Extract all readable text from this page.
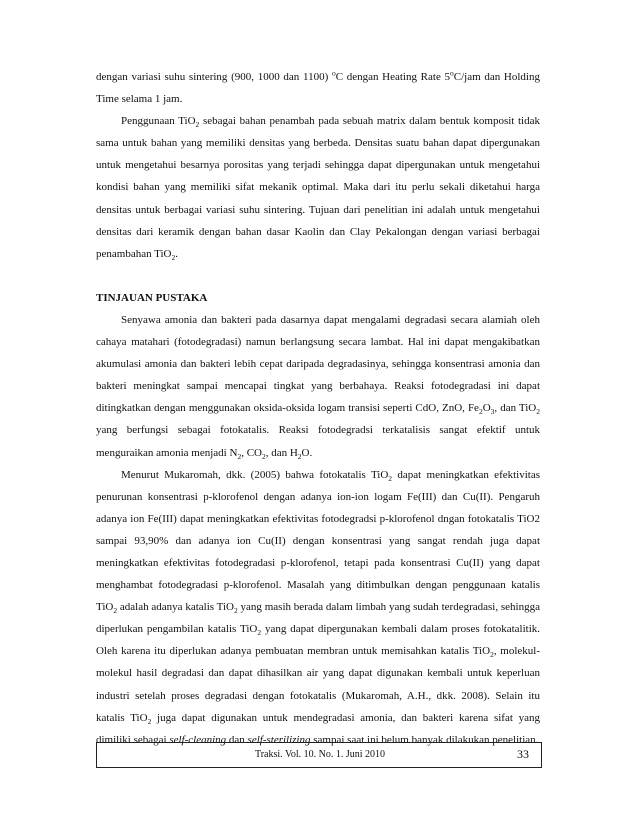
dengan variasi suhu sintering (900, 1000 dan 1100) $^o$C dengan Heating Rate 5$^o$C/jam dan Holding Time selama 1 jam.

Penggunaan TiO$_2$ sebagai bahan penambah pada sebuah matrix dalam bentuk komposit tidak sama untuk bahan yang memiliki densitas yang berbeda. Densitas suatu bahan dapat dipergunakan untuk mengetahui besarnya porositas yang terjadi sehingga dapat dipergunakan untuk mengetahui kondisi bahan yang memiliki sifat mekanik optimal. Maka dari itu perlu sekali diketahui harga densitas untuk berbagai variasi suhu sintering. Tujuan dari penelitian ini adalah untuk mengetahui densitas dari keramik dengan bahan dasar Kaolin dan Clay Pekalongan dengan variasi berbagai penambahan TiO$_2$.

TINJAUAN PUSTAKA

Senyawa amonia dan bakteri pada dasarnya dapat mengalami degradasi secara alamiah oleh cahaya matahari (fotodegradasi) namun berlangsung secara lambat. Hal ini dapat mengakibatkan akumulasi amonia dan bakteri lebih cepat daripada degradasinya, sehingga konsentrasi amonia dan bakteri meningkat sampai mencapai tingkat yang berbahaya. Reaksi fotodegradasi ini dapat ditingkatkan dengan menggunakan oksida-oksida logam transisi seperti CdO, ZnO, $Fe_2O_3$, dan TiO$_2$ yang berfungsi sebagai fotokatalis. Reaksi fotodegradsi terkatalisis sangat efektif untuk menguraikan amonia menjadi $N_2$, $CO_2$, dan $H_2O$.

Menurut Mukaromah, dkk. (2005) bahwa fotokatalis TiO$_2$ dapat meningkatkan efektivitas penurunan konsentrasi p-klorofenol dengan adanya ion-ion logam Fe(III) dan Cu(II). Pengaruh adanya ion Fe(III) dapat meningkatkan efektivitas fotodegradsi p-klorofenol dngan fotokatalis TiO2 sampai 93,90% dan adanya ion Cu(II) dengan konsentrasi yang sangat rendah juga dapat meningkatkan efektivitas fotodegradasi p-klorofenol, tetapi pada konsentrasi Cu(II) yang dapat menghambat fotodegradasi p-klorofenol. Masalah yang ditimbulkan dengan penggunaan katalis TiO$_2$ adalah adanya katalis TiO$_2$ yang masih berada dalam limbah yang sudah terdegradasi, sehingga diperlukan pengambilan katalis TiO$_2$ yang dapat dipergunakan kembali dalam proses fotokatalitik. Oleh karena itu diperlukan adanya pembuatan membran untuk memisahkan katalis TiO$_2$, molekul-molekul hasil degradasi dan dapat dihasilkan air yang dapat digunakan kembali untuk keperluan industri setelah proses degradasi dengan fotokatalis (Mukaromah, A.H., dkk. 2008). Selain itu katalis TiO$_2$ juga dapat digunakan untuk mendegradasi amonia, dan bakteri karena sifat yang dimiliki sebagai self-cleaning dan self-sterilizing sampai saat ini belum banyak dilakukan penelitian.

Traksi. Vol. 10. No. 1. Juni 2010	33
